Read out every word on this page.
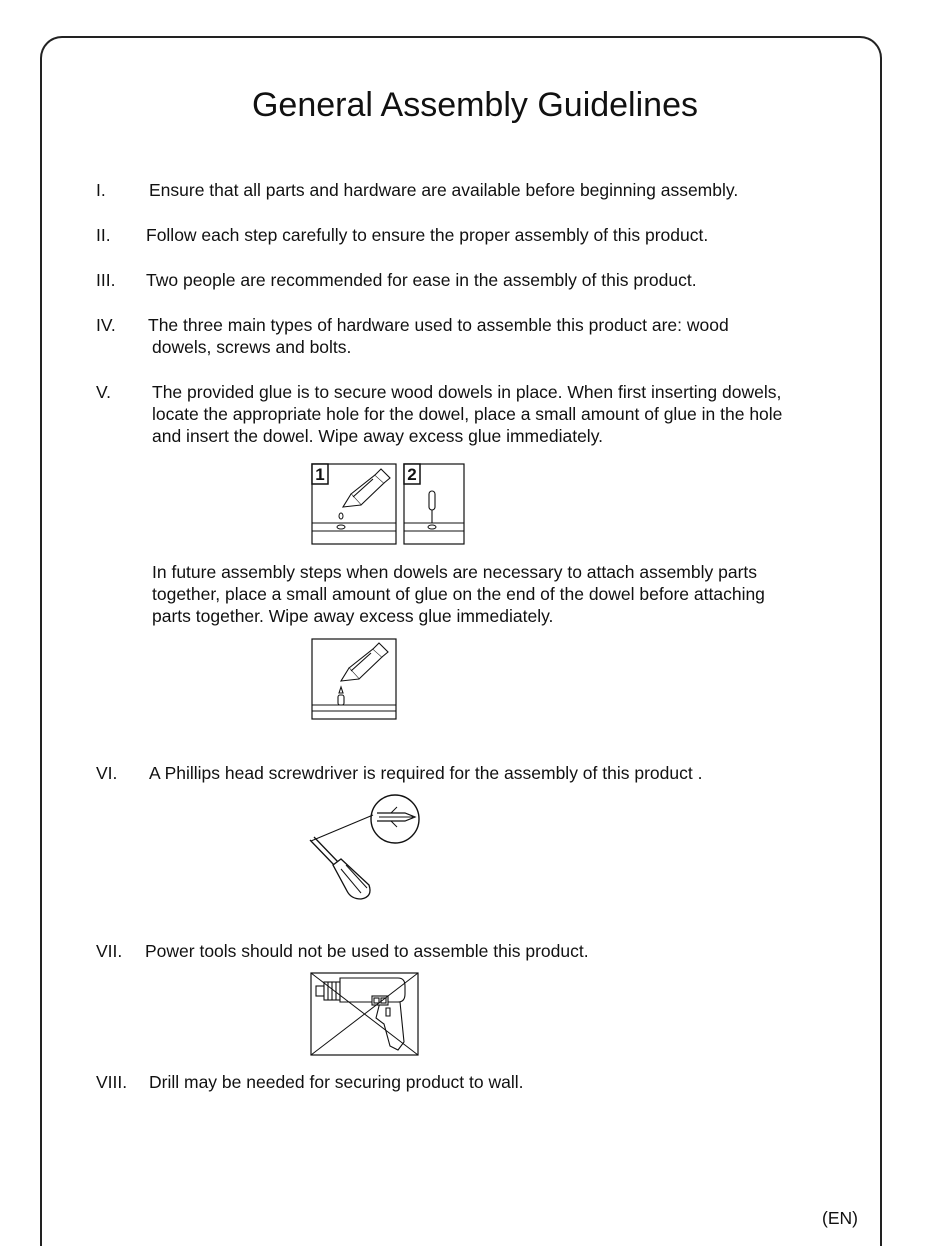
General Assembly Guidelines
I. Ensure that all parts and hardware are available before beginning assembly.
II. Follow each step carefully to ensure the proper assembly of this product.
III. Two people are recommended for ease in the assembly of this product.
IV. The three main types of hardware used to assemble this product are: wood
dowels, screws and bolts.
V. The provided glue is to secure wood dowels in place. When first inserting dowels,
locate the appropriate hole for the dowel, place a small amount of glue in the hole
and insert the dowel. Wipe away excess glue immediately.
1	2
In future assembly steps when dowels are necessary to attach assembly parts
together, place a small amount of glue on the end of the dowel before attaching
parts together. Wipe away excess glue immediately.
VI. A Phillips head screwdriver is required for the assembly of this product .
VII. Power tools should not be used to assemble this product.
VIII. Drill may be needed for securing product to wall.
(EN)
